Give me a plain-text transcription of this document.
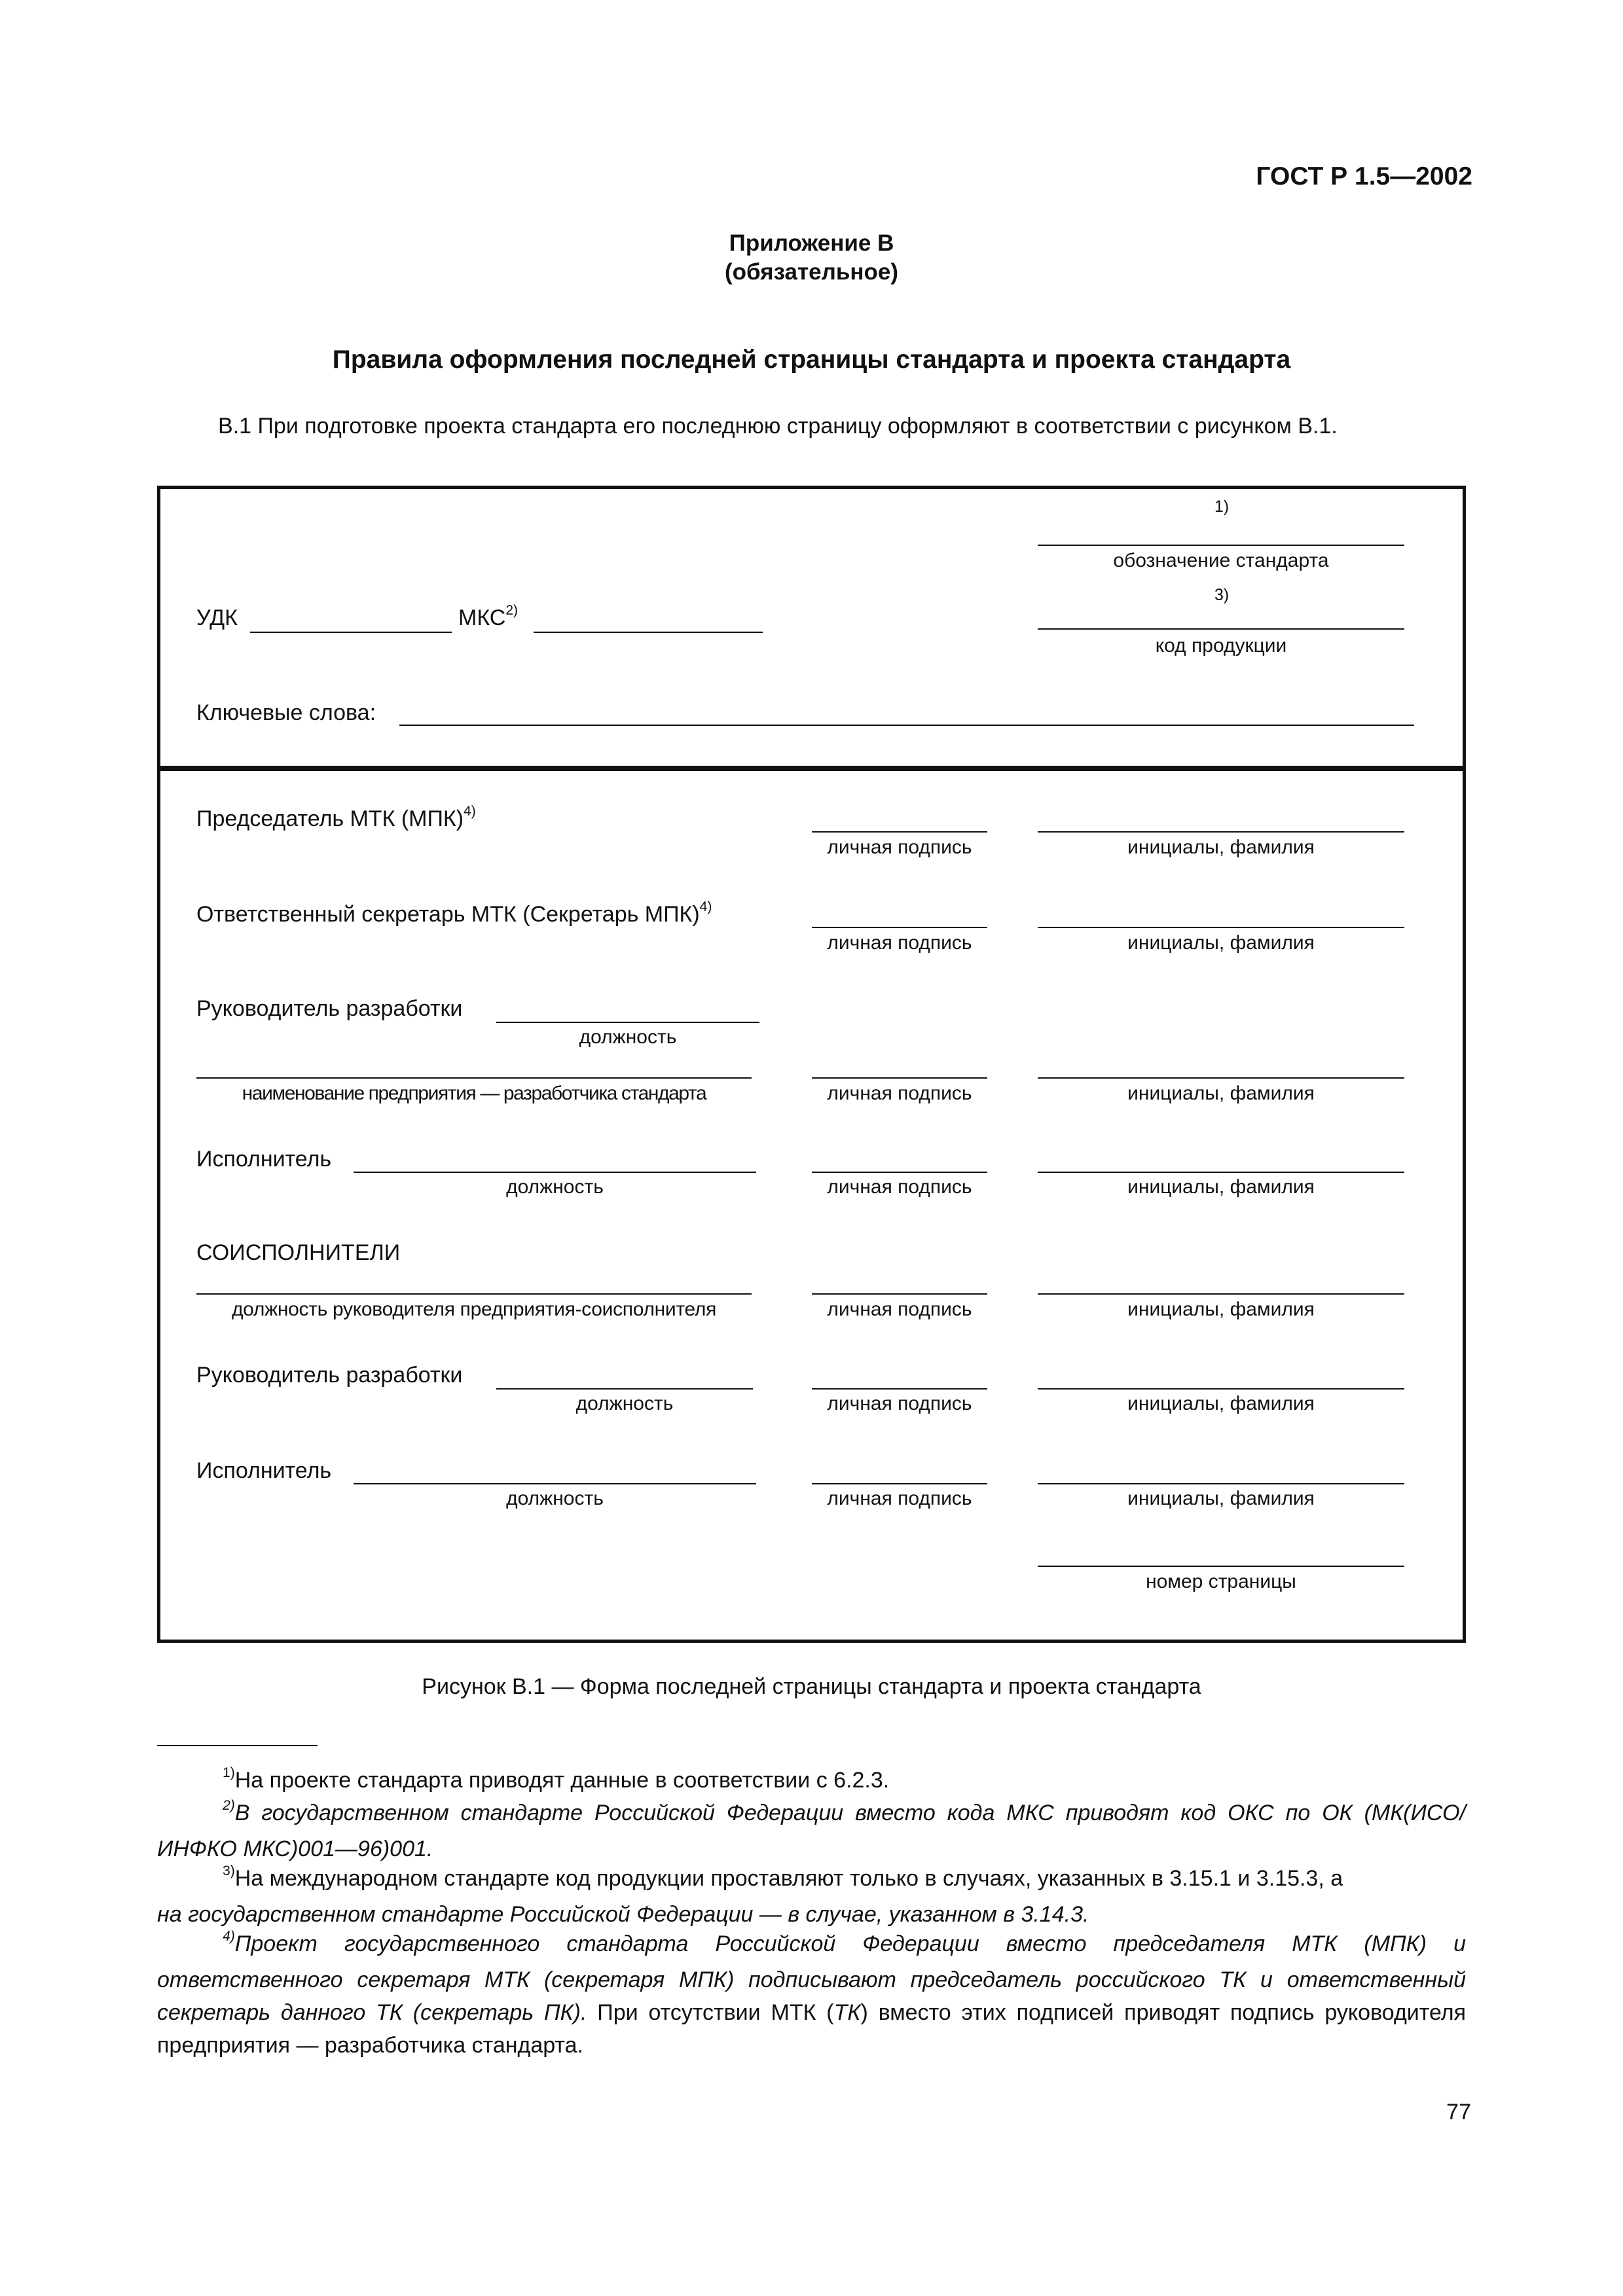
ГОСТ Р 1.5—2002
Приложение В
(обязательное)
Правила оформления последней страницы стандарта и проекта стандарта
В.1 При подготовке проекта стандарта его последнюю страницу оформляют в соответствии с рисунком В.1.
1)
обозначение стандарта
3)
код продукции
УДК	МКС$^{2)}$
Ключевые слова:
Председатель МТК (МПК)$^{4)}$
личная подпись	инициалы, фамилия
Ответственный секретарь МТК (Секретарь МПК)$^{4)}$
личная подпись	инициалы, фамилия
Руководитель разработки
должность
наименование предприятия — разработчика стандарта	личная подпись	инициалы, фамилия
Исполнитель
должность	личная подпись	инициалы, фамилия
СОИСПОЛНИТЕЛИ
должность руководителя предприятия-соисполнителя	личная подпись	инициалы, фамилия
Руководитель разработки
должность	личная подпись	инициалы, фамилия
Исполнитель
должность	личная подпись	инициалы, фамилия
номер страницы
Рисунок В.1 — Форма последней страницы стандарта и проекта стандарта
$^{1)}$На проекте стандарта приводят данные в соответствии с 6.2.3.
$^{2)}$В государственном стандарте Российской Федерации вместо кода МКС приводят код ОКС по ОК (МК(ИСО/ИНФКО МКС)001—96)001.
$^{3)}$На международном стандарте код продукции проставляют только в случаях, указанных в 3.15.1 и 3.15.3, а
на государственном стандарте Российской Федерации — в случае, указанном в 3.14.3.
$^{4)}$Проект государственного стандарта Российской Федерации вместо председателя МТК (МПК) и ответственного секретаря МТК (секретаря МПК) подписывают председатель российского ТК и ответственный секретарь данного ТК (секретарь ПК). При отсутствии МТК (ТК) вместо этих подписей приводят подпись руководителя предприятия — разработчика стандарта.
77
